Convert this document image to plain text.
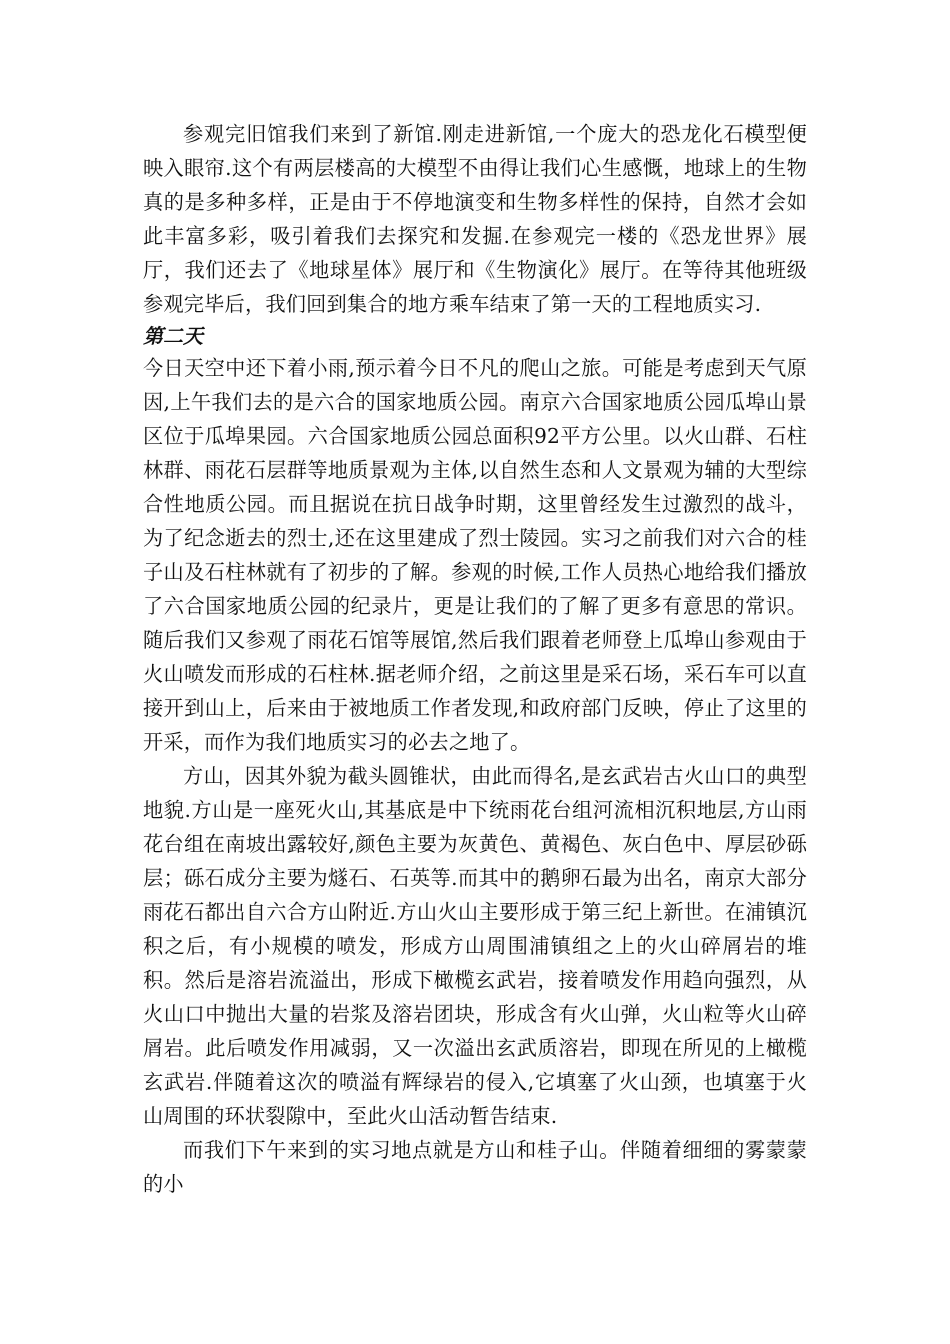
参观完旧馆我们来到了新馆.刚走进新馆,一个庞大的恐龙化石模型便映入眼帘.这个有两层楼高的大模型不由得让我们心生感慨，地球上的生物真的是多种多样，正是由于不停地演变和生物多样性的保持，自然才会如此丰富多彩，吸引着我们去探究和发掘.在参观完一楼的《恐龙世界》展厅，我们还去了《地球星体》展厅和《生物演化》展厅。在等待其他班级参观完毕后，我们回到集合的地方乘车结束了第一天的工程地质实习.

第二天

今日天空中还下着小雨,预示着今日不凡的爬山之旅。可能是考虑到天气原因,上午我们去的是六合的国家地质公园。南京六合国家地质公园瓜埠山景区位于瓜埠果园。六合国家地质公园总面积92平方公里。以火山群、石柱林群、雨花石层群等地质景观为主体,以自然生态和人文景观为辅的大型综合性地质公园。而且据说在抗日战争时期，这里曾经发生过激烈的战斗，为了纪念逝去的烈士,还在这里建成了烈士陵园。实习之前我们对六合的桂子山及石柱林就有了初步的了解。参观的时候,工作人员热心地给我们播放了六合国家地质公园的纪录片，更是让我们的了解了更多有意思的常识。随后我们又参观了雨花石馆等展馆,然后我们跟着老师登上瓜埠山参观由于火山喷发而形成的石柱林.据老师介绍，之前这里是采石场，采石车可以直接开到山上，后来由于被地质工作者发现,和政府部门反映，停止了这里的开采，而作为我们地质实习的必去之地了。

方山，因其外貌为截头圆锥状，由此而得名,是玄武岩古火山口的典型地貌.方山是一座死火山,其基底是中下统雨花台组河流相沉积地层,方山雨花台组在南坡出露较好,颜色主要为灰黄色、黄褐色、灰白色中、厚层砂砾层；砾石成分主要为燧石、石英等.而其中的鹅卵石最为出名，南京大部分雨花石都出自六合方山附近.方山火山主要形成于第三纪上新世。在浦镇沉积之后，有小规模的喷发，形成方山周围浦镇组之上的火山碎屑岩的堆积。然后是溶岩流溢出，形成下橄榄玄武岩，接着喷发作用趋向强烈，从火山口中抛出大量的岩浆及溶岩团块，形成含有火山弹，火山粒等火山碎屑岩。此后喷发作用减弱，又一次溢出玄武质溶岩，即现在所见的上橄榄玄武岩.伴随着这次的喷溢有辉绿岩的侵入,它填塞了火山颈，也填塞于火山周围的环状裂隙中，至此火山活动暂告结束.

而我们下午来到的实习地点就是方山和桂子山。伴随着细细的雾蒙蒙的小
